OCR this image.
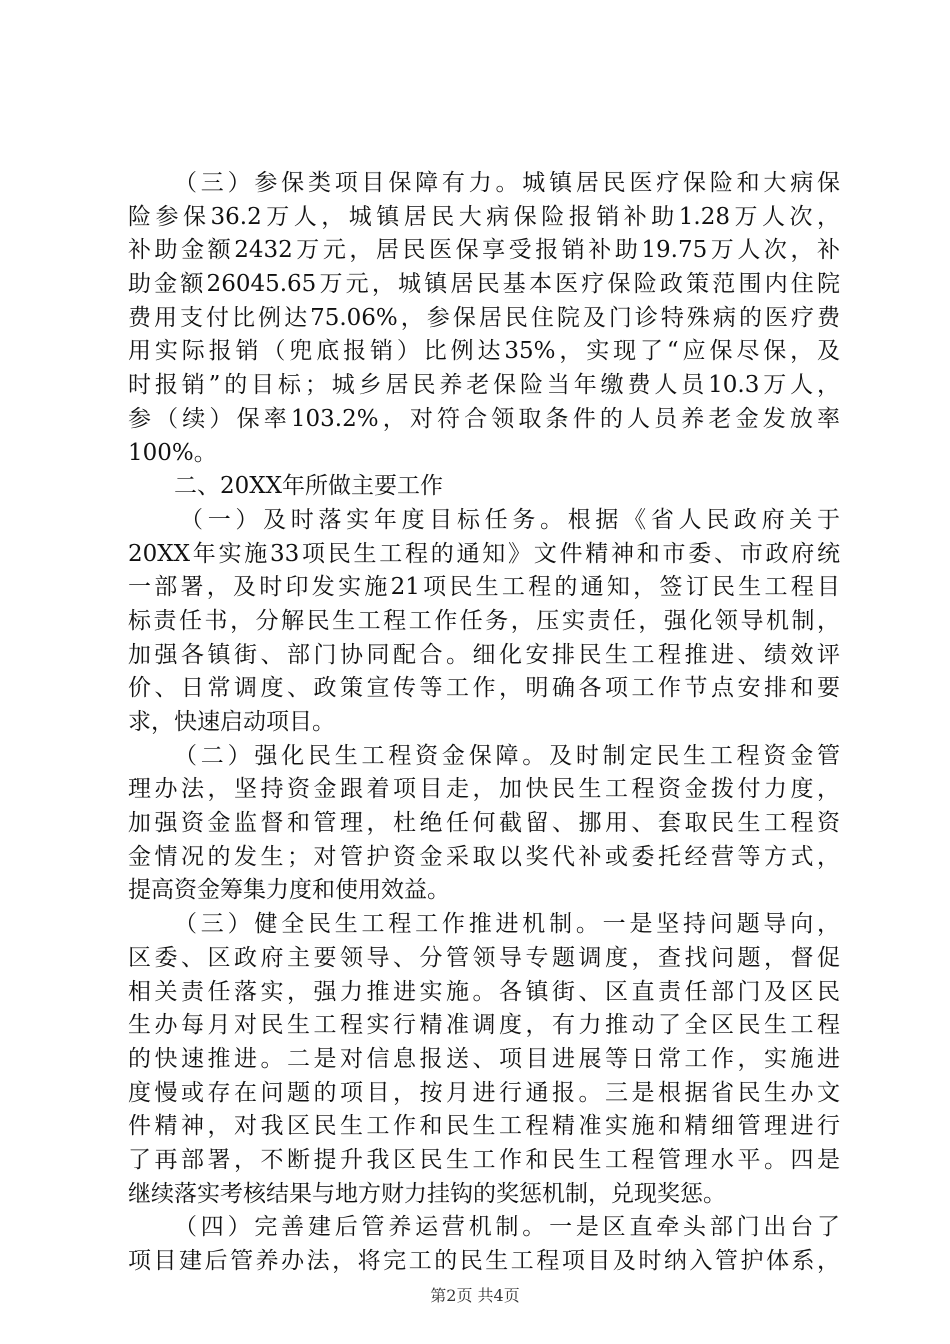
（三）参保类项目保障有力。城镇居民医疗保险和大病保
险参保36.2万人，城镇居民大病保险报销补助1.28万人次，
补助金额2432万元，居民医保享受报销补助19.75万人次，补
助金额26045.65万元，城镇居民基本医疗保险政策范围内住院
费用支付比例达75.06%，参保居民住院及门诊特殊病的医疗费
用实际报销（兜底报销）比例达35%，实现了“应保尽保，及
时报销”的目标；城乡居民养老保险当年缴费人员10.3万人，
参（续）保率103.2%，对符合领取条件的人员养老金发放率
100%。
二、20XX年所做主要工作
（一）及时落实年度目标任务。根据《省人民政府关于
20XX年实施33项民生工程的通知》文件精神和市委、市政府统
一部署，及时印发实施21项民生工程的通知，签订民生工程目
标责任书，分解民生工程工作任务，压实责任，强化领导机制，
加强各镇街、部门协同配合。细化安排民生工程推进、绩效评
价、日常调度、政策宣传等工作，明确各项工作节点安排和要
求，快速启动项目。
（二）强化民生工程资金保障。及时制定民生工程资金管
理办法，坚持资金跟着项目走，加快民生工程资金拨付力度，
加强资金监督和管理，杜绝任何截留、挪用、套取民生工程资
金情况的发生；对管护资金采取以奖代补或委托经营等方式，
提高资金筹集力度和使用效益。
（三）健全民生工程工作推进机制。一是坚持问题导向，
区委、区政府主要领导、分管领导专题调度，查找问题，督促
相关责任落实，强力推进实施。各镇街、区直责任部门及区民
生办每月对民生工程实行精准调度，有力推动了全区民生工程
的快速推进。二是对信息报送、项目进展等日常工作，实施进
度慢或存在问题的项目，按月进行通报。三是根据省民生办文
件精神，对我区民生工作和民生工程精准实施和精细管理进行
了再部署，不断提升我区民生工作和民生工程管理水平。四是
继续落实考核结果与地方财力挂钩的奖惩机制，兑现奖惩。
（四）完善建后管养运营机制。一是区直牵头部门出台了
项目建后管养办法，将完工的民生工程项目及时纳入管护体系，
第2页 共4页
